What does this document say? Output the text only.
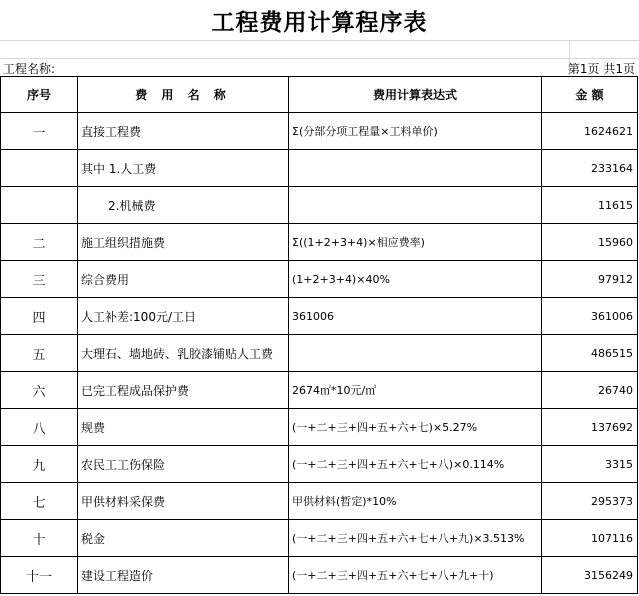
工程费用计算程序表
工程名称:	第1页 共1页
序号	费 用 名 称	费用计算表达式	金 额
一	直接工程费	Σ(分部分项工程量×工料单价)	1624621
	其中 1.人工费		233164
	2.机械费		11615
二	施工组织措施费	Σ((1+2+3+4)×相应费率)	15960
三	综合费用	(1+2+3+4)×40%	97912
四	人工补差:100元/工日	361006	361006
五	大理石、墙地砖、乳胶漆铺贴人工费		486515
六	已完工程成品保护费	2674㎡*10元/㎡	26740
八	规费	(一+二+三+四+五+六+七)×5.27%	137692
九	农民工工伤保险	(一+二+三+四+五+六+七+八)×0.114%	3315
七	甲供材料采保费	甲供材料(暂定)*10%	295373
十	税金	(一+二+三+四+五+六+七+八+九)×3.513%	107116
十一	建设工程造价	(一+二+三+四+五+六+七+八+九+十)	3156249
